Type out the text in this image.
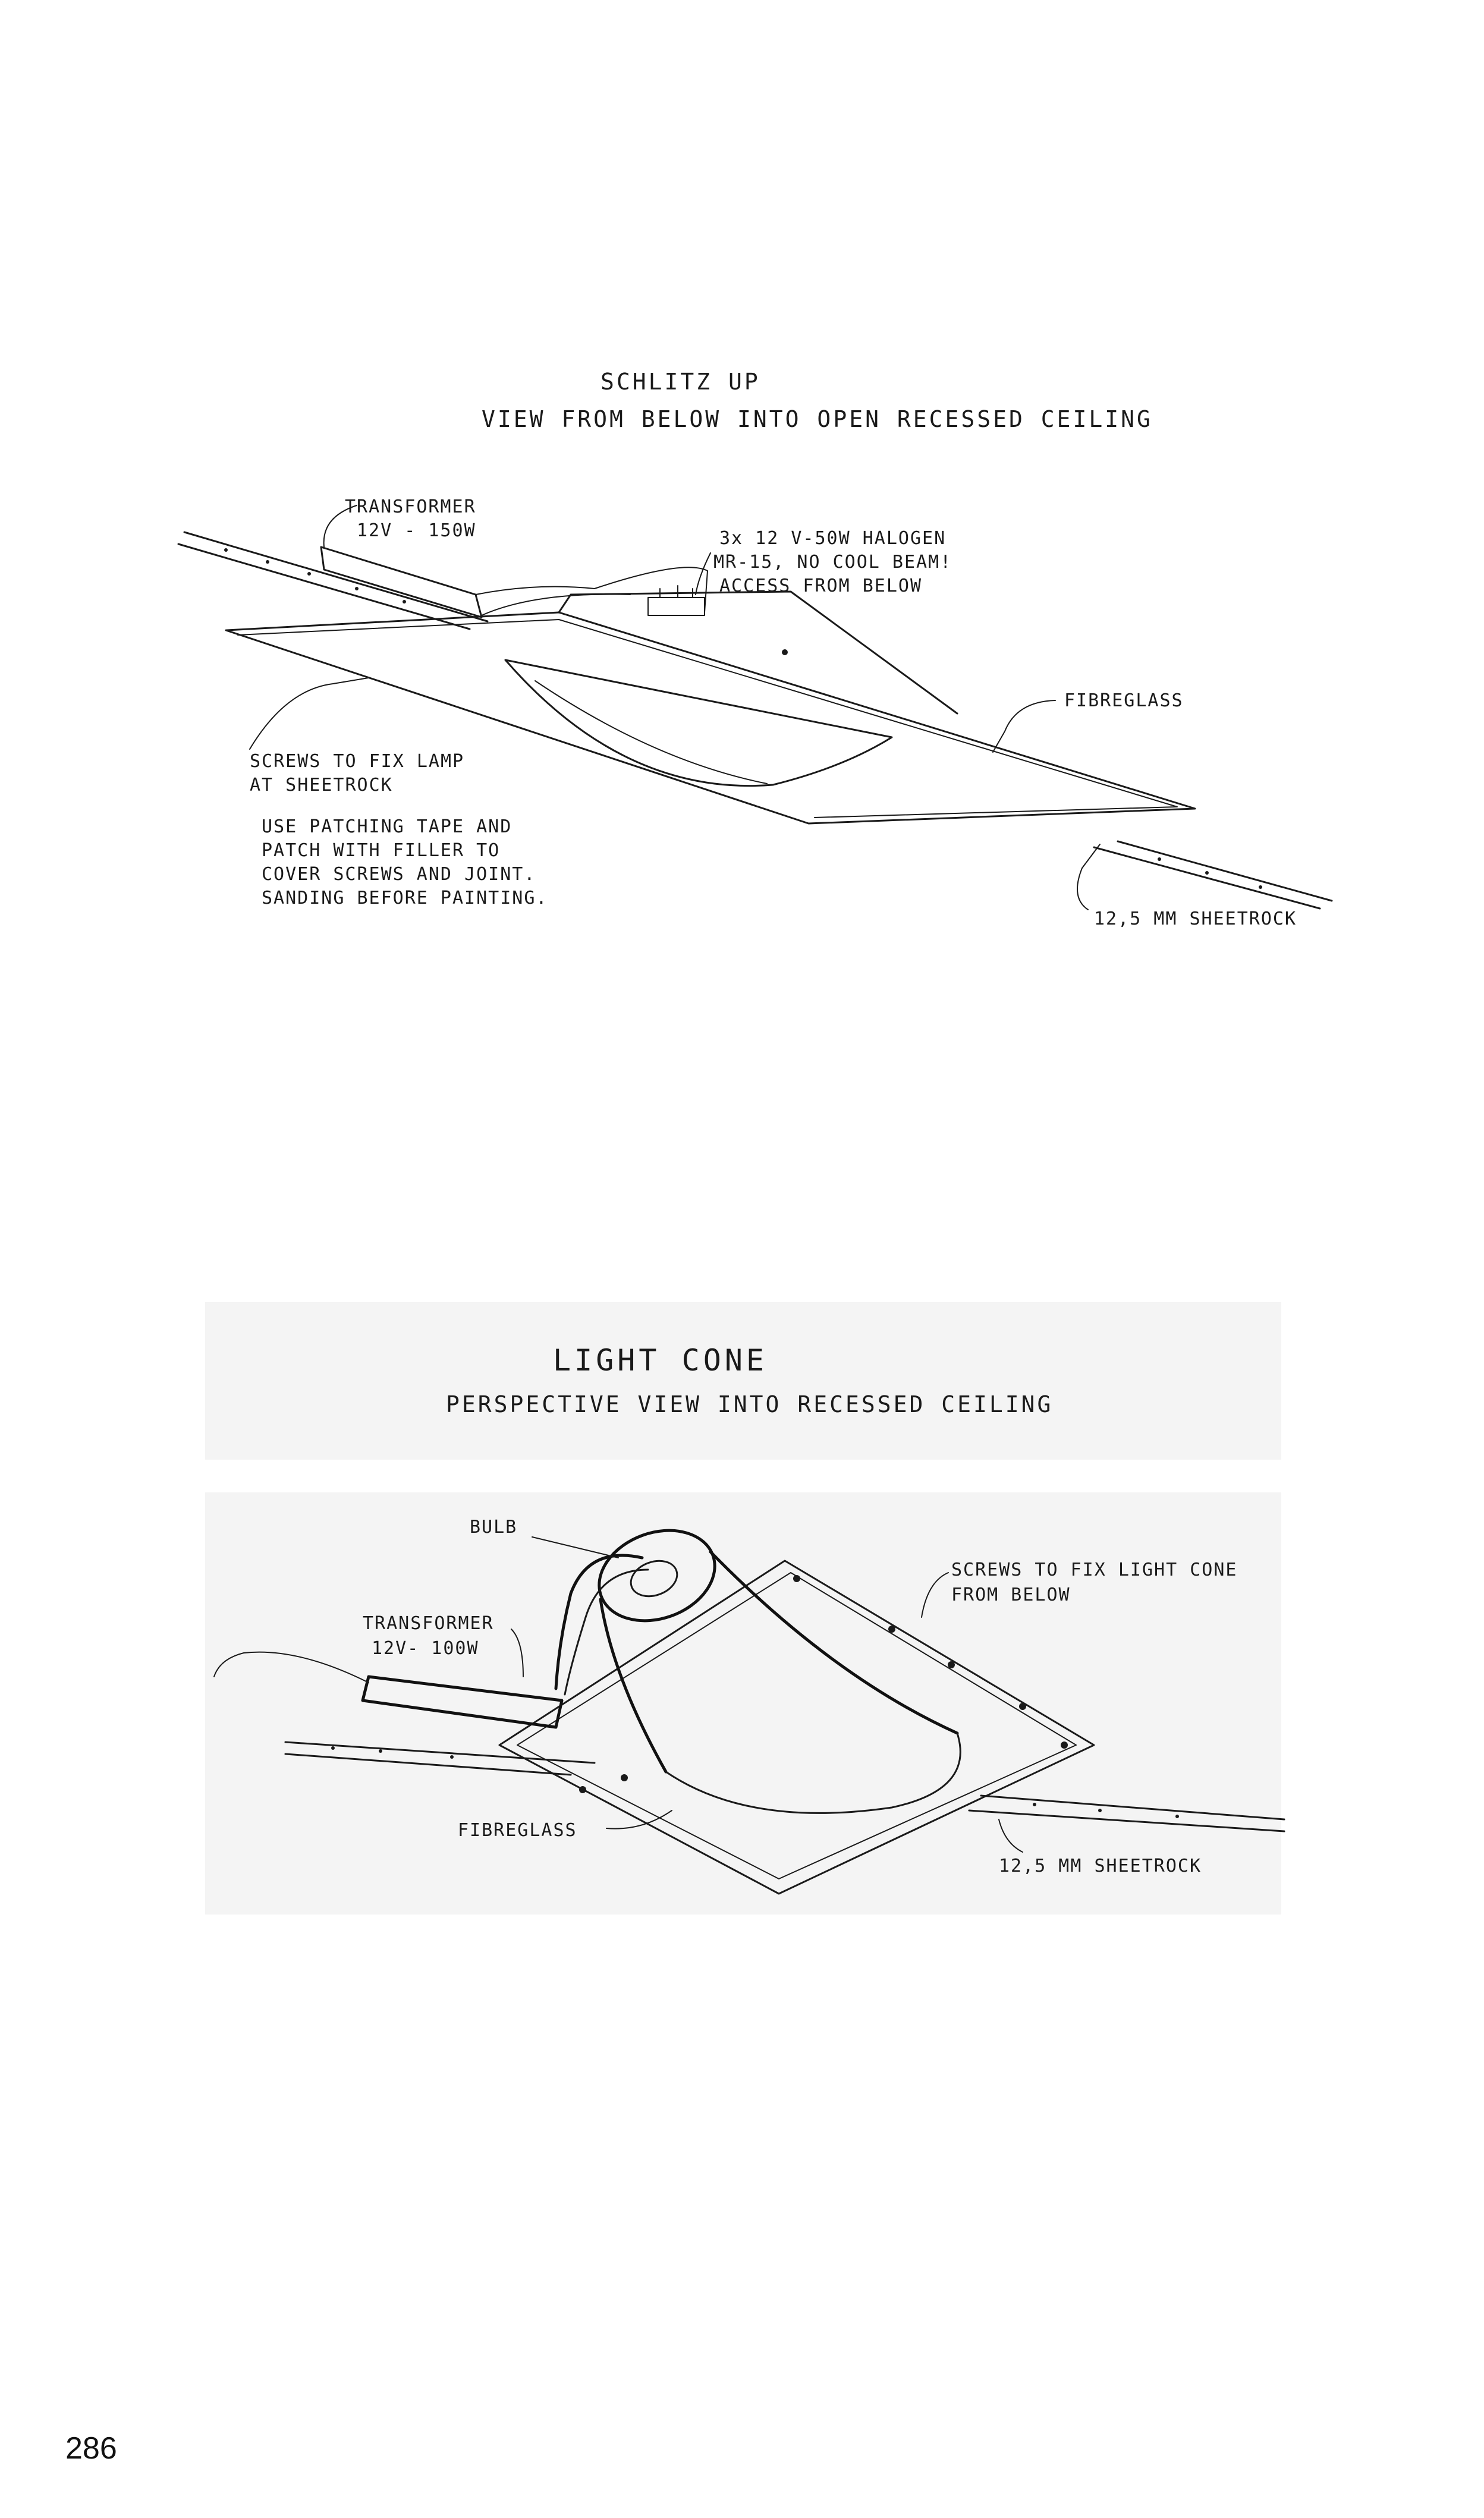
SCHLITZ UP
VIEW FROM BELOW INTO OPEN RECESSED CEILING
TRANSFORMER
12V - 150W	3x 12 V-50W HALOGEN
MR-15, NO COOL BEAM!
ACCESS FROM BELOW
FIBREGLASS
SCREWS TO FIX LAMP
AT SHEETROCK
USE PATCHING TAPE AND
PATCH WITH FILLER TO
COVER SCREWS AND JOINT.
SANDING BEFORE PAINTING.
12,5 MM SHEETROCK
LIGHT CONE
PERSPECTIVE VIEW INTO RECESSED CEILING
BULB
SCREWS TO FIX LIGHT CONE
FROM BELOW
TRANSFORMER
12V- 100W
FIBREGLASS
12,5 MM SHEETROCK
286
